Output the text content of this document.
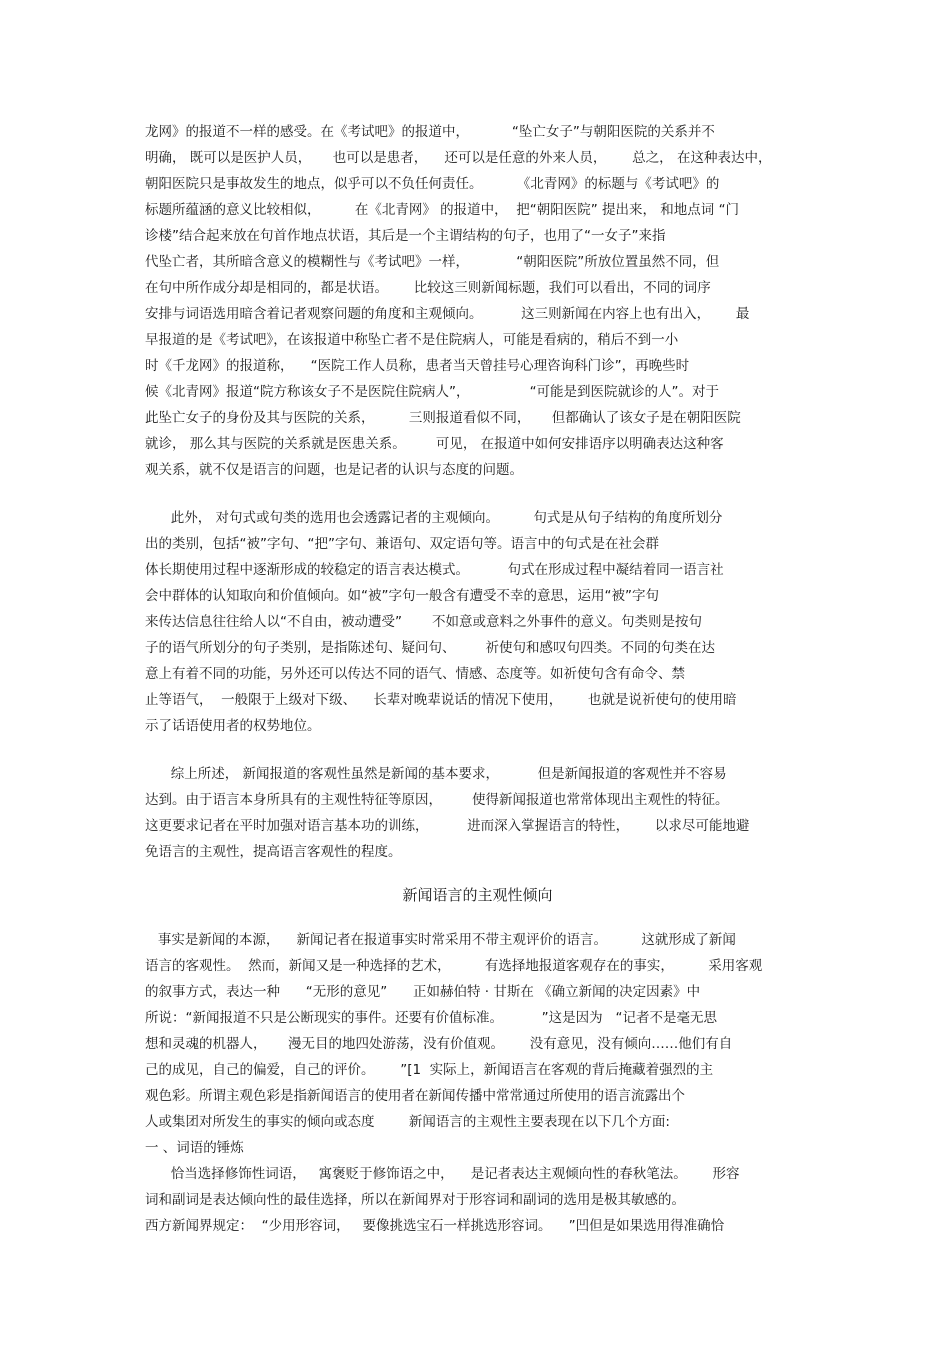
龙网》的报道不一样的感受。在《考试吧》的报道中，          “坠亡女子”与朝阳医院的关系并不
明确， 既可以是医护人员，     也可以是患者，    还可以是任意的外来人员，      总之， 在这种表达中，
朝阳医院只是事故发生的地点，似乎可以不负任何责任。        《北青网》的标题与《考试吧》的
标题所蕴涵的意义比较相似，        在《北青网》 的报道中，  把“朝阳医院” 提出来， 和地点词 “门
诊楼”结合起来放在句首作地点状语，其后是一个主谓结构的句子，也用了“一女子”来指
代坠亡者，其所暗含意义的模糊性与《考试吧》一样，           “朝阳医院”所放位置虽然不同，但
在句中所作成分却是相同的，都是状语。      比较这三则新闻标题，我们可以看出，不同的词序
安排与词语选用暗含着记者观察问题的角度和主观倾向。         这三则新闻在内容上也有出入，      最
早报道的是《考试吧》，在该报道中称坠亡者不是住院病人，可能是看病的，稍后不到一小
时《千龙网》的报道称，    “医院工作人员称，患者当天曾挂号心理咨询科门诊”，再晚些时
候《北青网》报道“院方称该女子不是医院住院病人”，              “可能是到医院就诊的人”。对于
此坠亡女子的身份及其与医院的关系，        三则报道看似不同，     但都确认了该女子是在朝阳医院
就诊， 那么其与医院的关系就是医患关系。       可见， 在报道中如何安排语序以明确表达这种客
观关系，就不仅是语言的问题，也是记者的认识与态度的问题。
此外， 对句式或句类的选用也会透露记者的主观倾向。        句式是从句子结构的角度所划分
出的类别，包括“被”字句、“把”字句、兼语句、双定语句等。语言中的句式是在社会群
体长期使用过程中逐渐形成的较稳定的语言表达模式。         句式在形成过程中凝结着同一语言社
会中群体的认知取向和价值倾向。如“被”字句一般含有遭受不幸的意思，运用“被”字句
来传达信息往往给人以“不自由，被动遭受”       不如意或意料之外事件的意义。句类则是按句
子的语气所划分的句子类别，是指陈述句、疑问句、       祈使句和感叹句四类。不同的句类在达
意上有着不同的功能，另外还可以传达不同的语气、情感、态度等。如祈使句含有命令、禁
止等语气，  一般限于上级对下级、    长辈对晚辈说话的情况下使用，      也就是说祈使句的使用暗
示了话语使用者的权势地位。
综上所述， 新闻报道的客观性虽然是新闻的基本要求，         但是新闻报道的客观性并不容易
达到。由于语言本身所具有的主观性特征等原因，       使得新闻报道也常常体现出主观性的特征。
这更要求记者在平时加强对语言基本功的训练，         进而深入掌握语言的特性，      以求尽可能地避
免语言的主观性，提高语言客观性的程度。
新闻语言的主观性倾向
事实是新闻的本源，    新闻记者在报道事实时常采用不带主观评价的语言。        这就形成了新闻
语言的客观性。  然而，新闻又是一种选择的艺术，        有选择地报道客观存在的事实，        采用客观
的叙事方式，表达一种      “无形的意见”      正如赫伯特 · 甘斯在 《确立新闻的决定因素》中
所说：“新闻报道不只是公断现实的事件。还要有价值标准。         ”这是因为   “记者不是毫无思
想和灵魂的机器人，     漫无目的地四处游荡，没有价值观。      没有意见，没有倾向……他们有自
己的成见，自己的偏爱，自己的评价。      ”[1  实际上，新闻语言在客观的背后掩藏着强烈的主
观色彩。所谓主观色彩是指新闻语言的使用者在新闻传播中常常通过所使用的语言流露出个
人或集团对所发生的事实的倾向或态度        新闻语言的主观性主要表现在以下几个方面:
一 、词语的锤炼
恰当选择修饰性词语，   寓褒贬于修饰语之中，    是记者表达主观倾向性的春秋笔法。      形容
词和副词是表达倾向性的最佳选择，所以在新闻界对于形容词和副词的选用是极其敏感的。
西方新闻界规定：  “少用形容词，   要像挑选宝石一样挑选形容词。    ”凹但是如果选用得准确恰
